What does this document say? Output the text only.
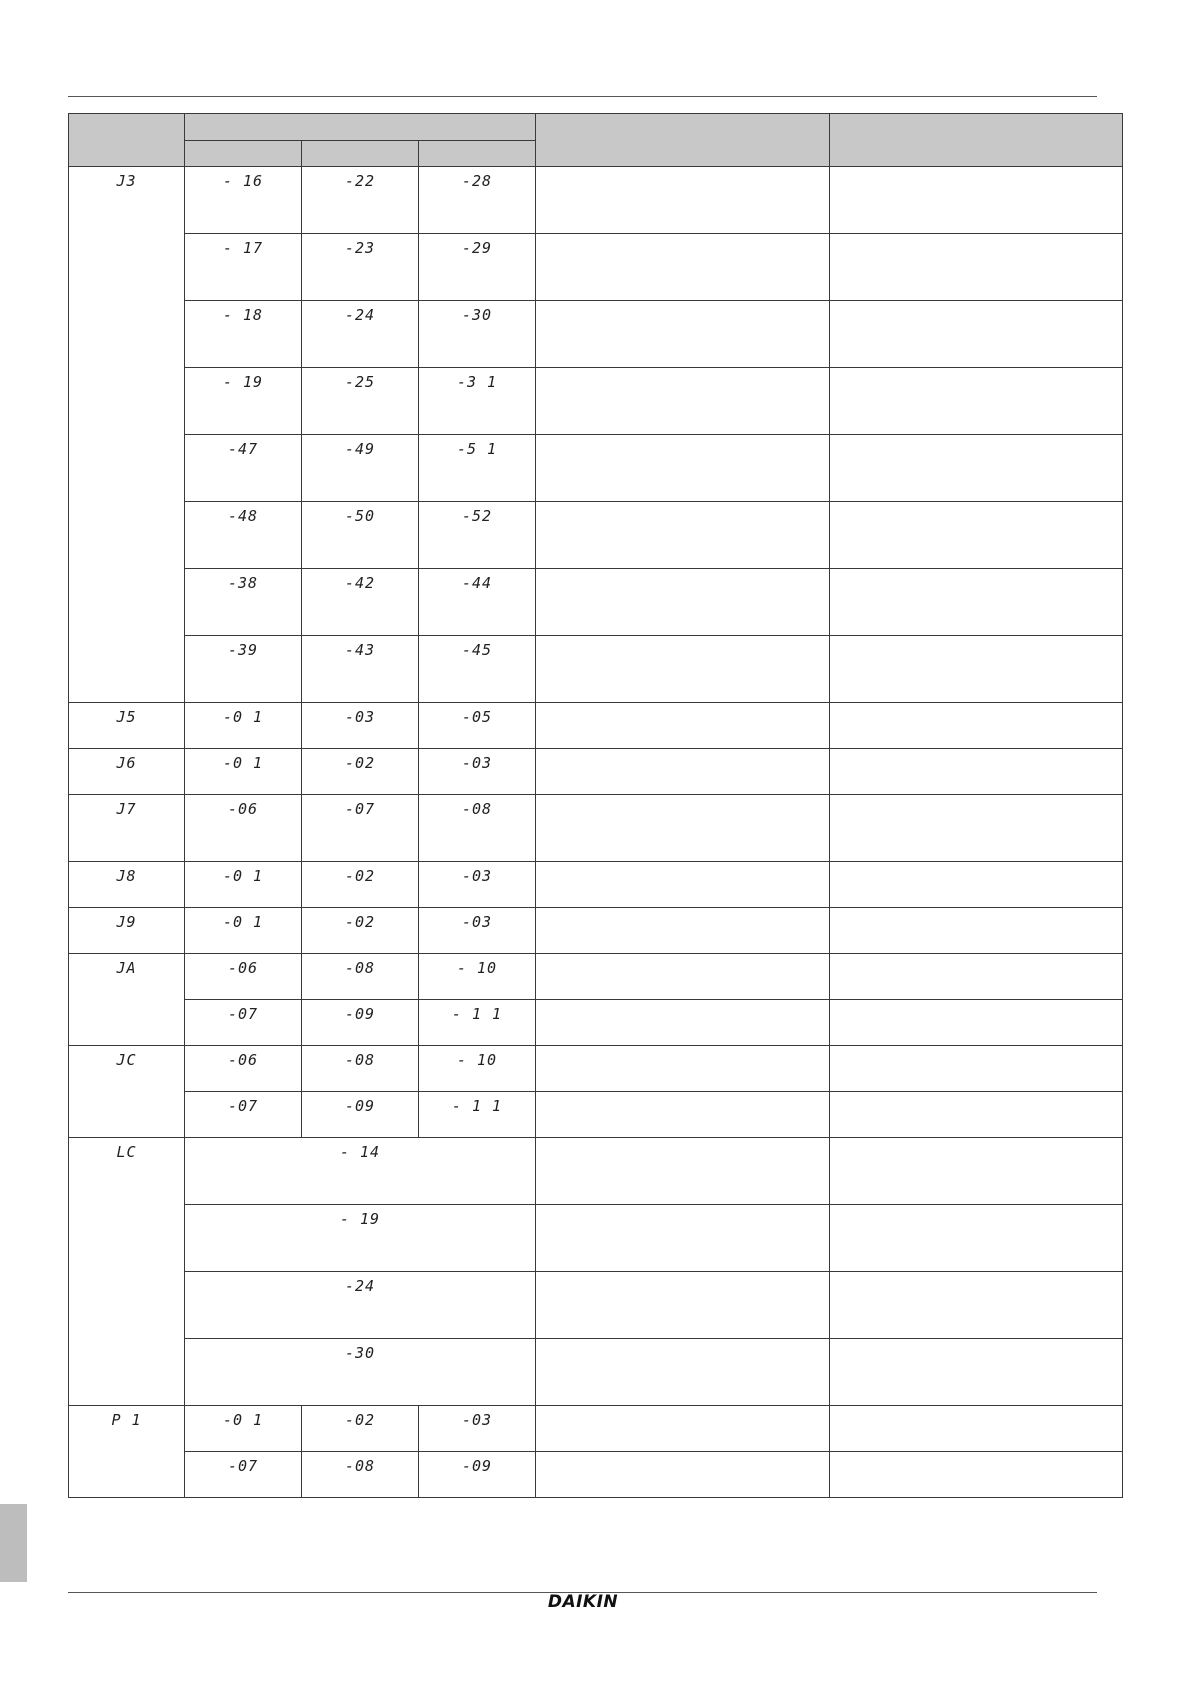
J3	- 16	-22	-28		

	- 17	-23	-29		

	- 18	-24	-30		

	- 19	-25	-3 1		

	-47	-49	-5 1		

	-48	-50	-52		

	-38	-42	-44		

	-39	-43	-45		

J5	-0 1	-03	-05		

J6	-0 1	-02	-03		

J7	-06	-07	-08		

J8	-0 1	-02	-03		

J9	-0 1	-02	-03		

JA	-06	-08	- 10		

	-07	-09	- 1 1		

JC	-06	-08	- 10		

	-07	-09	- 1 1		

LC	- 14				

	- 19				

	-24				

	-30				

P 1	-0 1	-02	-03		

	-07	-08	-09		

DAIKIN
